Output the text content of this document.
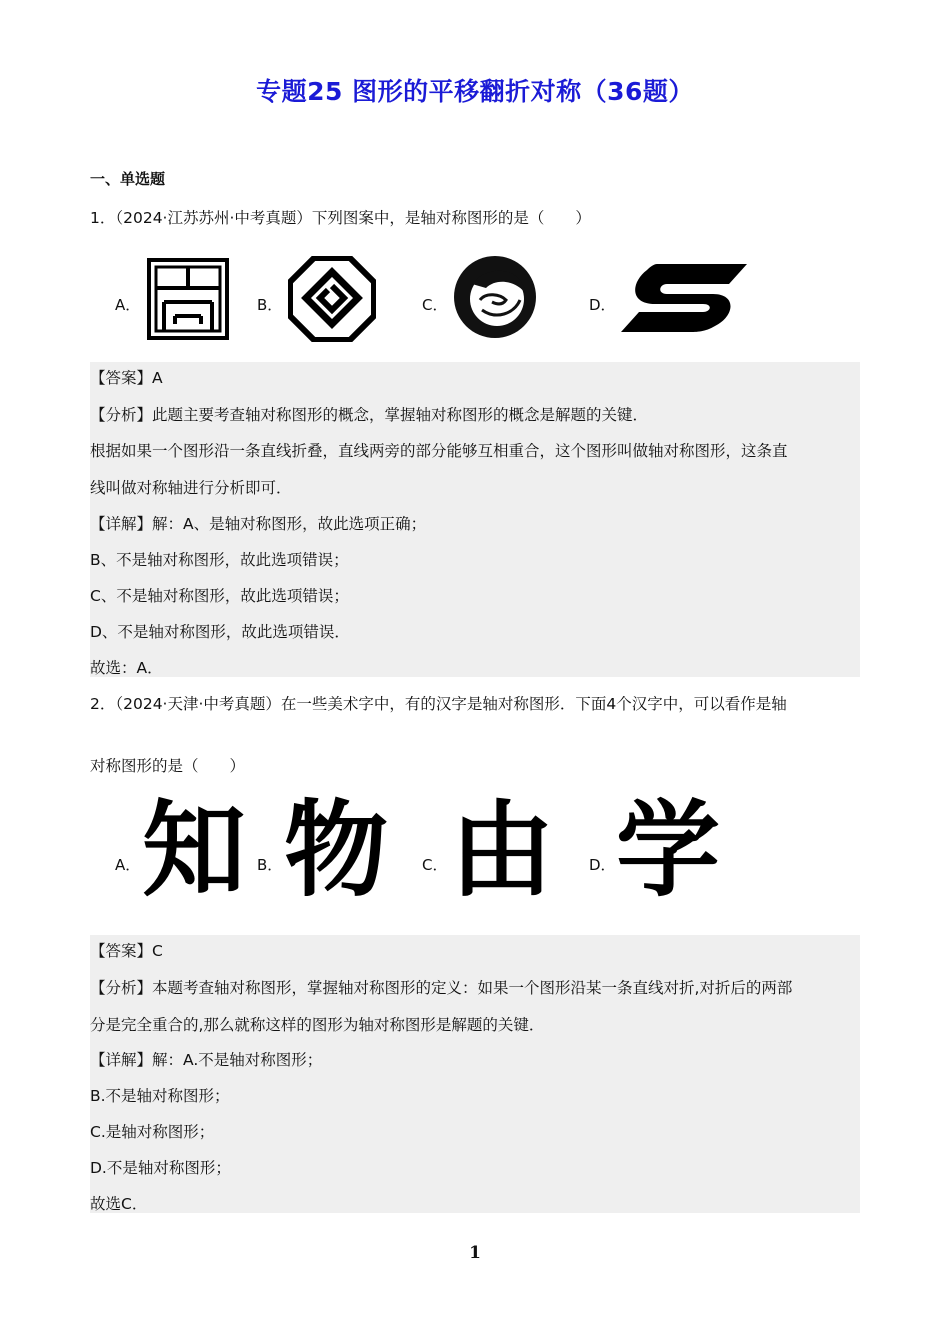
专题25 图形的平移翻折对称（36题）
一、单选题
1．（2024·江苏苏州·中考真题）下列图案中，是轴对称图形的是（　　）
A．	B．	C．	D．
【答案】A
【分析】此题主要考查轴对称图形的概念，掌握轴对称图形的概念是解题的关键．
根据如果一个图形沿一条直线折叠，直线两旁的部分能够互相重合，这个图形叫做轴对称图形，这条直
线叫做对称轴进行分析即可．
【详解】解：A、是轴对称图形，故此选项正确；
B、不是轴对称图形，故此选项错误；
C、不是轴对称图形，故此选项错误；
D、不是轴对称图形，故此选项错误．
故选：A．
2．（2024·天津·中考真题）在一些美术字中，有的汉字是轴对称图形．下面4个汉字中，可以看作是轴
对称图形的是（　　）
A． 知 B． 物 C． 由 D． 学
【答案】C
【分析】本题考查轴对称图形，掌握轴对称图形的定义：如果一个图形沿某一条直线对折,对折后的两部
分是完全重合的,那么就称这样的图形为轴对称图形是解题的关键．
【详解】解：A.不是轴对称图形；
B.不是轴对称图形；
C.是轴对称图形；
D.不是轴对称图形；
故选C．
1
